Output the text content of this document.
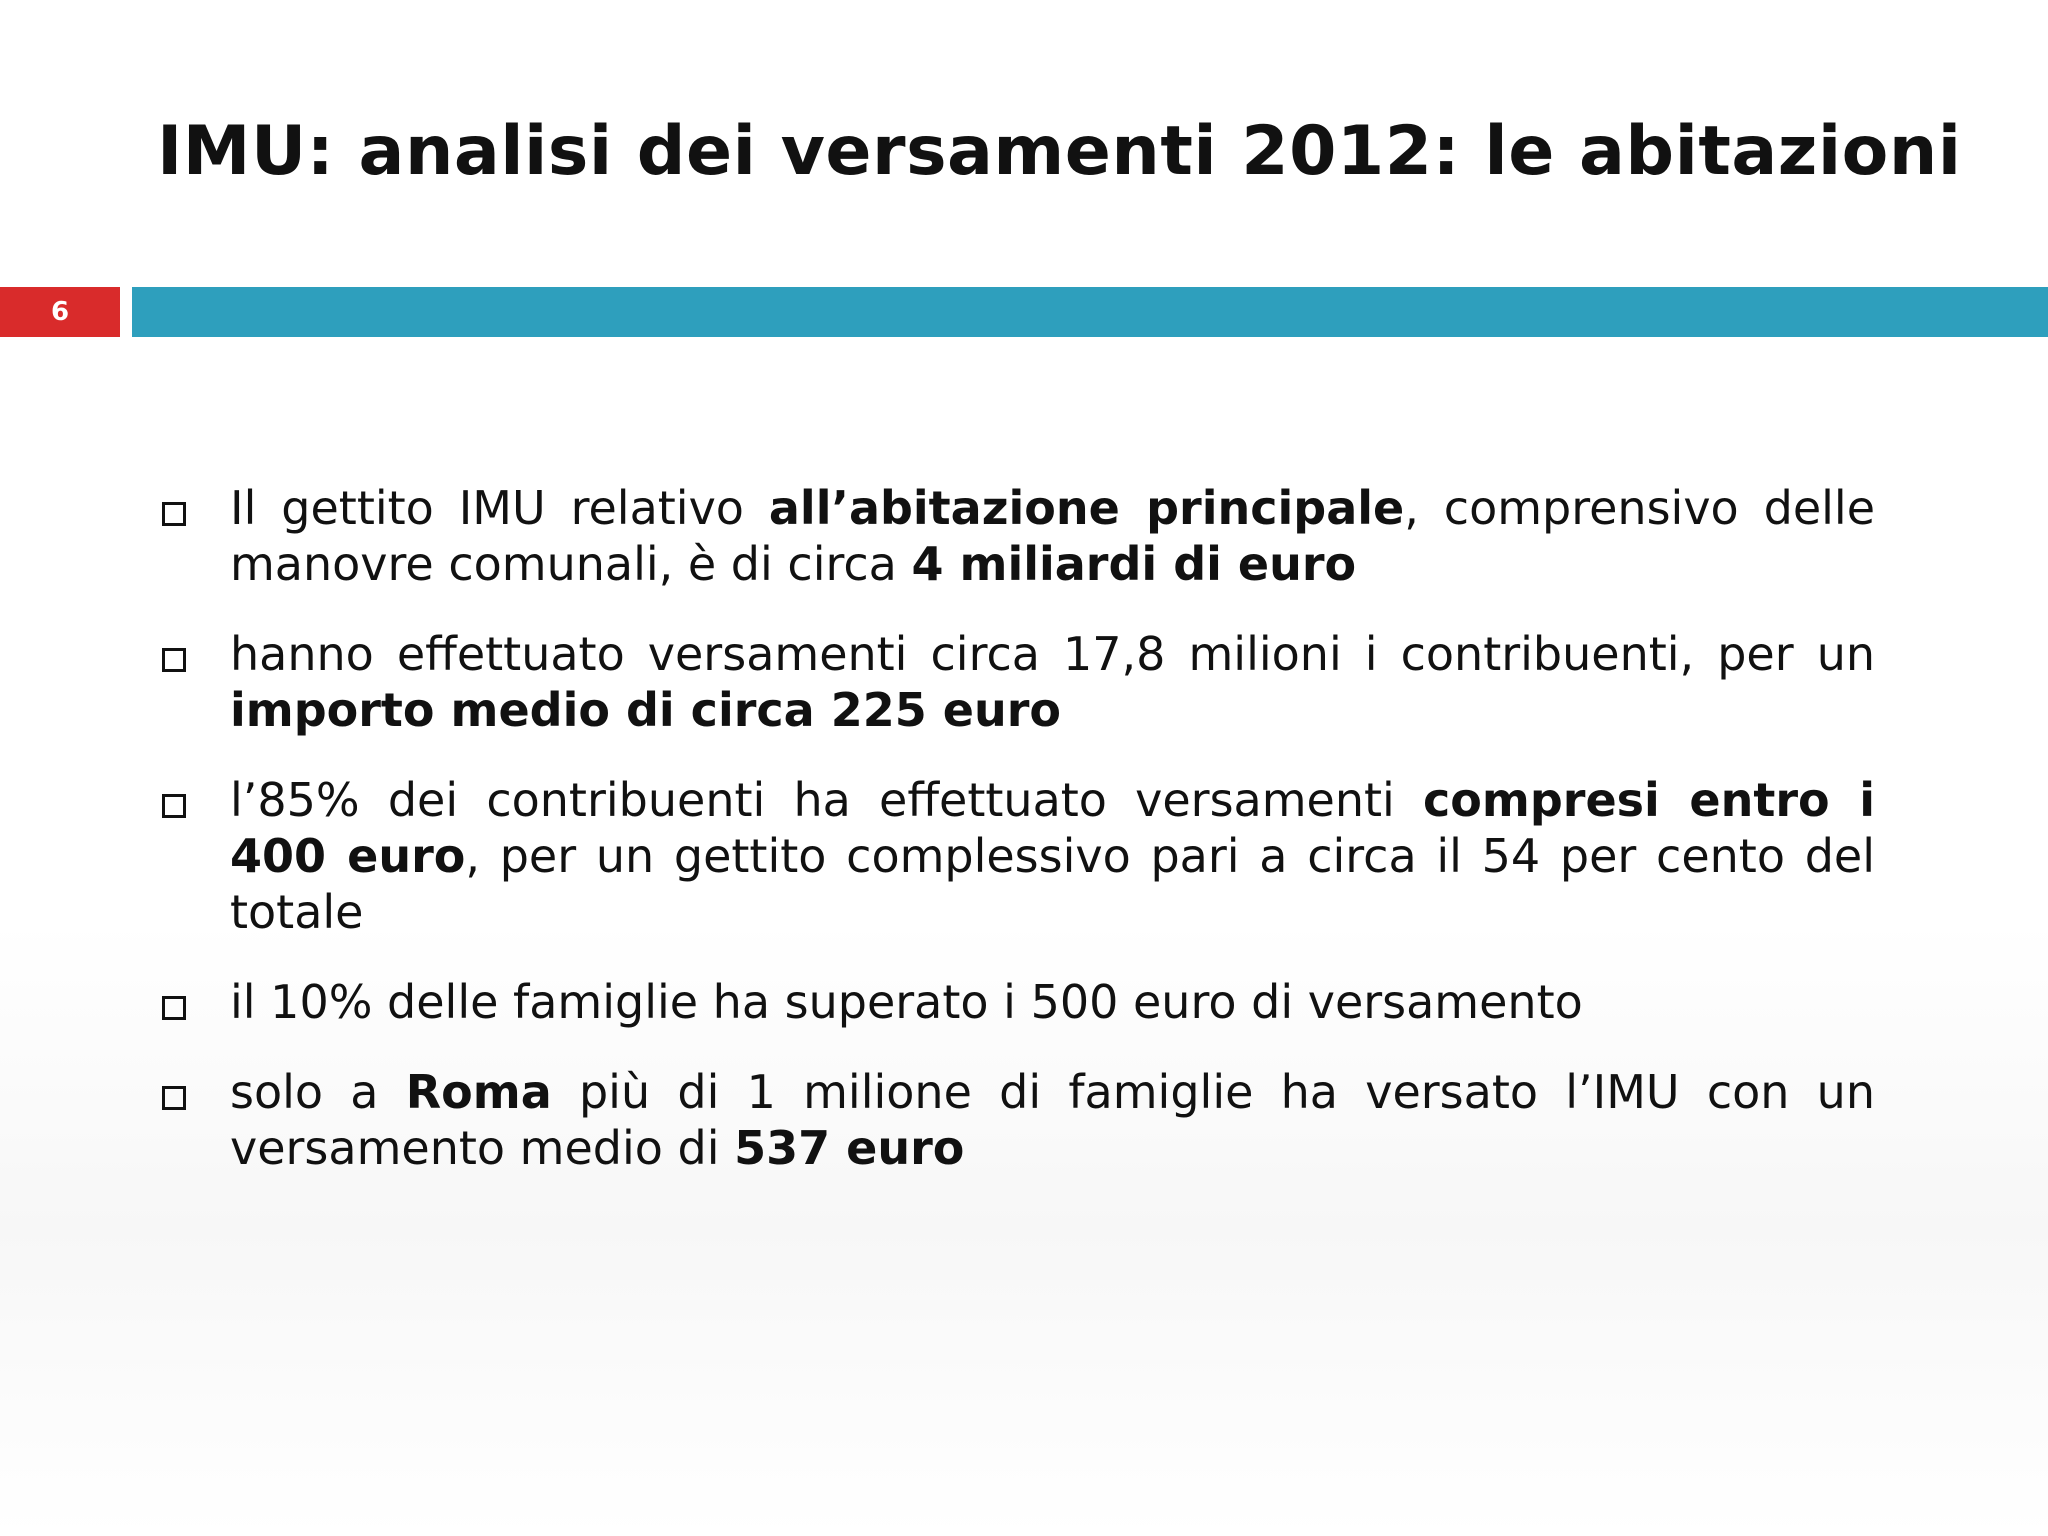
IMU: analisi dei versamenti 2012: le abitazioni
6
Il gettito IMU relativo all’abitazione principale, comprensivo delle manovre comunali, è di circa 4 miliardi di euro
hanno effettuato versamenti circa 17,8 milioni i contribuenti, per un importo medio di circa 225 euro
l’85% dei contribuenti ha effettuato versamenti compresi entro i 400 euro, per un gettito complessivo pari a circa il 54 per cento del totale
il 10% delle famiglie ha superato i 500 euro di versamento
solo a Roma più di 1 milione di famiglie ha versato l’IMU con un versamento medio di 537 euro
